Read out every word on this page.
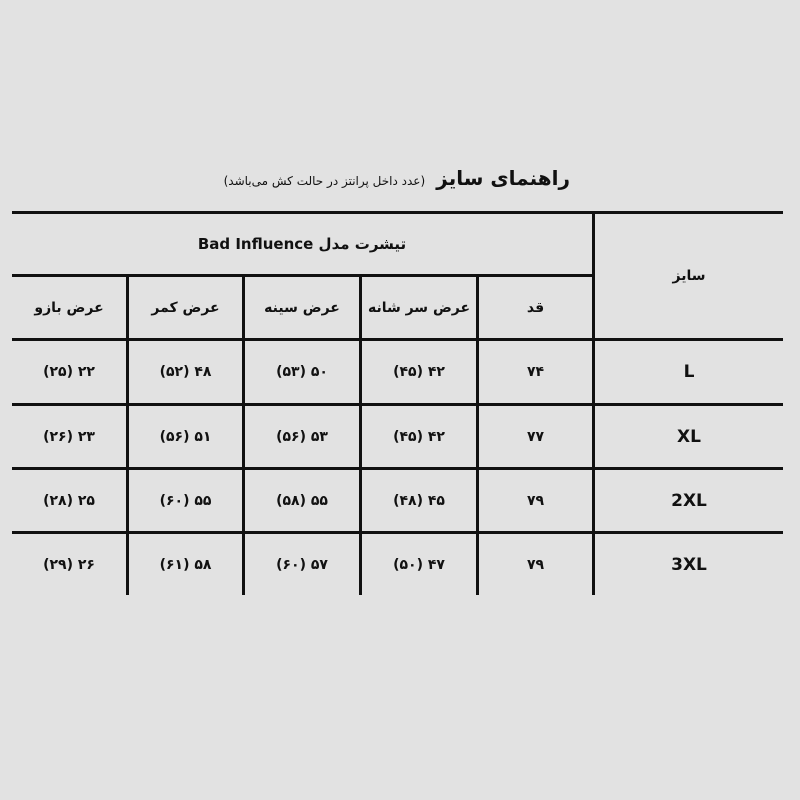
راهنمای سایز (عدد داخل پرانتز در حالت کش می‌باشد)
سایز
تیشرت مدل Bad Influence
قد
عرض سر شانه
عرض سینه
عرض کمر
عرض بازو
L
۷۴
۴۲ (۴۵)
۵۰ (۵۳)
۴۸ (۵۲)
۲۲ (۲۵)
XL
۷۷
۴۲ (۴۵)
۵۳ (۵۶)
۵۱ (۵۶)
۲۳ (۲۶)
2XL
۷۹
۴۵ (۴۸)
۵۵ (۵۸)
۵۵ (۶۰)
۲۵ (۲۸)
3XL
۷۹
۴۷ (۵۰)
۵۷ (۶۰)
۵۸ (۶۱)
۲۶ (۲۹)
